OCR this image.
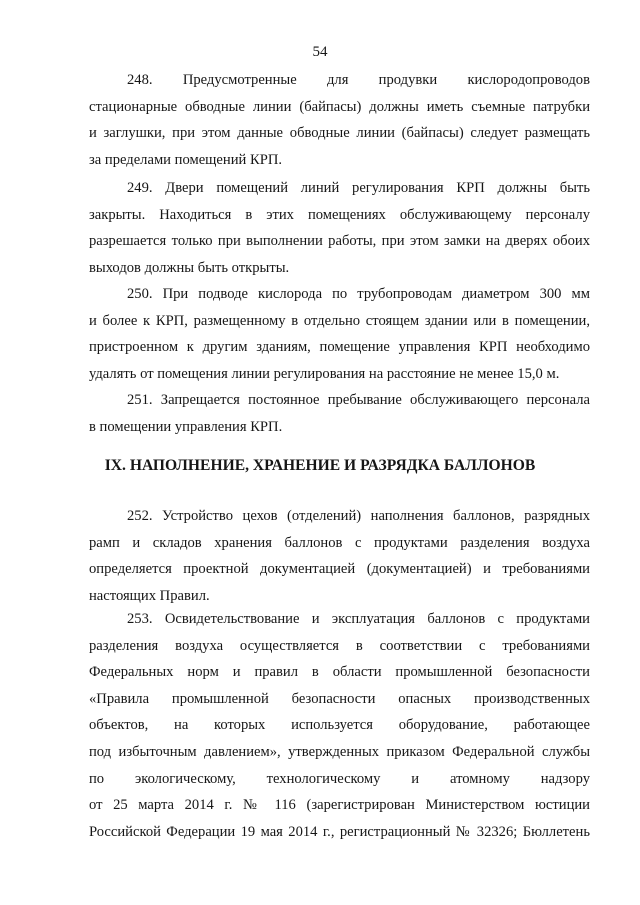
54
248. Предусмотренные для продувки кислородопроводов
стационарные обводные линии (байпасы) должны иметь съемные патрубки
и заглушки, при этом данные обводные линии (байпасы) следует размещать
за пределами помещений КРП.
249. Двери помещений линий регулирования КРП должны быть
закрыты. Находиться в этих помещениях обслуживающему персоналу
разрешается только при выполнении работы, при этом замки на дверях обоих
выходов должны быть открыты.
250. При подводе кислорода по трубопроводам диаметром 300 мм
и более к КРП, размещенному в отдельно стоящем здании или в помещении,
пристроенном к другим зданиям, помещение управления КРП необходимо
удалять от помещения линии регулирования на расстояние не менее 15,0 м.
251. Запрещается постоянное пребывание обслуживающего персонала
в помещении управления КРП.
IX. НАПОЛНЕНИЕ, ХРАНЕНИЕ И РАЗРЯДКА БАЛЛОНОВ
252. Устройство цехов (отделений) наполнения баллонов, разрядных
рамп и складов хранения баллонов с продуктами разделения воздуха
определяется проектной документацией (документацией) и требованиями
настоящих Правил.
253. Освидетельствование и эксплуатация баллонов с продуктами
разделения воздуха осуществляется в соответствии с требованиями
Федеральных норм и правил в области промышленной безопасности
«Правила промышленной безопасности опасных производственных
объектов, на которых используется оборудование, работающее
под избыточным давлением», утвержденных приказом Федеральной службы
по экологическому, технологическому и атомному надзору
от 25 марта 2014 г. № 116 (зарегистрирован Министерством юстиции
Российской Федерации 19 мая 2014 г., регистрационный № 32326; Бюллетень
